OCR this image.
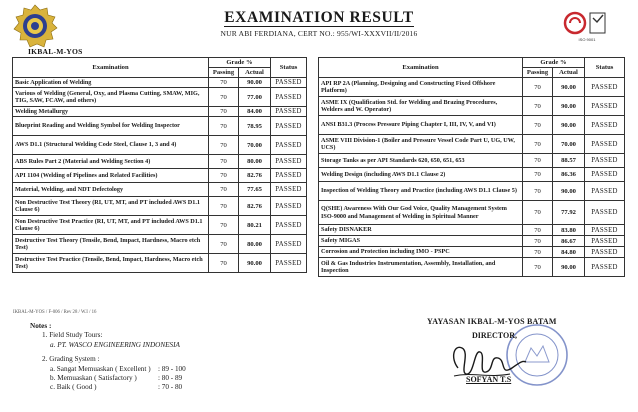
IKBAL-M-YOS
EXAMINATION RESULT
NUR ABI FERDIANA, CERT NO.: 955/WI-XXXVII/II/2016
ISO 9001
Examination	Grade %		Status
	Passing	Actual	
Basic Application of Welding	70	90.00	PASSED
Various of Welding (General, Oxy, and Plasma Cutting, SMAW, MIG, TIG, SAW, FCAW, and others)	70	77.00	PASSED
Welding Metallurgy	70	84.00	PASSED
Blueprint Reading and Welding Symbol for Welding Inspector	70	78.95	PASSED
AWS D1.1 (Structural Welding Code Steel, Clause 1, 3 and 4)	70	70.00	PASSED
ABS Rules Part 2 (Material and Welding Section 4)	70	80.00	PASSED
API 1104 (Welding of Pipelines and Related Facilities)	70	82.76	PASSED
Material, Welding, and NDT Defectology	70	77.65	PASSED
Non Destructive Test Theory (RI, UT, MT, and PT included AWS D1.1 Clause 6)	70	82.76	PASSED
Non Destructive Test Practice (RI, UT, MT, and PT included AWS D1.1 Clause 6)	70	80.21	PASSED
Destructive Test Theory (Tensile, Bend, Impact, Hardness, Macro etch Test)	70	80.00	PASSED
Destructive Test Practice (Tensile, Bend, Impact, Hardness, Macro etch Test)	70	90.00	PASSED
Examination	Grade %		Status
	Passing	Actual	
API RP 2A (Planning, Designing and Constructing Fixed Offshore Platform)	70	90.00	PASSED
ASME IX (Qualification Std. for Welding and Brazing Procedures, Welders and W. Operator)	70	90.00	PASSED
ANSI B31.3 (Process Pressure Piping Chapter I, III, IV, V, and VI)	70	90.00	PASSED
ASME VIII Division-1 (Boiler and Pressure Vessel Code Part U, UG, UW, UCS)	70	70.00	PASSED
Storage Tanks as per API Standards 620, 650, 651, 653	70	88.57	PASSED
Welding Design (including AWS D1.1 Clause 2)	70	86.36	PASSED
Inspection of Welding Theory and Practice (including AWS D1.1 Clause 5)	70	90.00	PASSED
Q(SHE) Awareness With Our God Voice, Quality Management System ISO-9000 and Management of Welding in Spiritual Manner	70	77.92	PASSED
Safety DISNAKER	70	83.80	PASSED
Safety MIGAS	70	86.67	PASSED
Corrosion and Protection including IMO - PSPC	70	84.80	PASSED
Oil & Gas Industries Instrumentation, Assembly, Installation, and Inspection	70	90.00	PASSED
IKBAL-M-YOS / F-006 / Rev 28 / W.I / 16
Notes :
1. Field Study Tours:
a. PT. WASCO ENGINEERING INDONESIA
2. Grading System :
a. Sangat Memuaskan ( Excellent )	: 89 - 100
b. Memuaskan ( Satisfactory )	: 80 - 89
c. Baik ( Good )	: 70 - 80
YAYASAN IKBAL-M-YOS BATAM
DIRECTOR,
SOFYAN T.S
